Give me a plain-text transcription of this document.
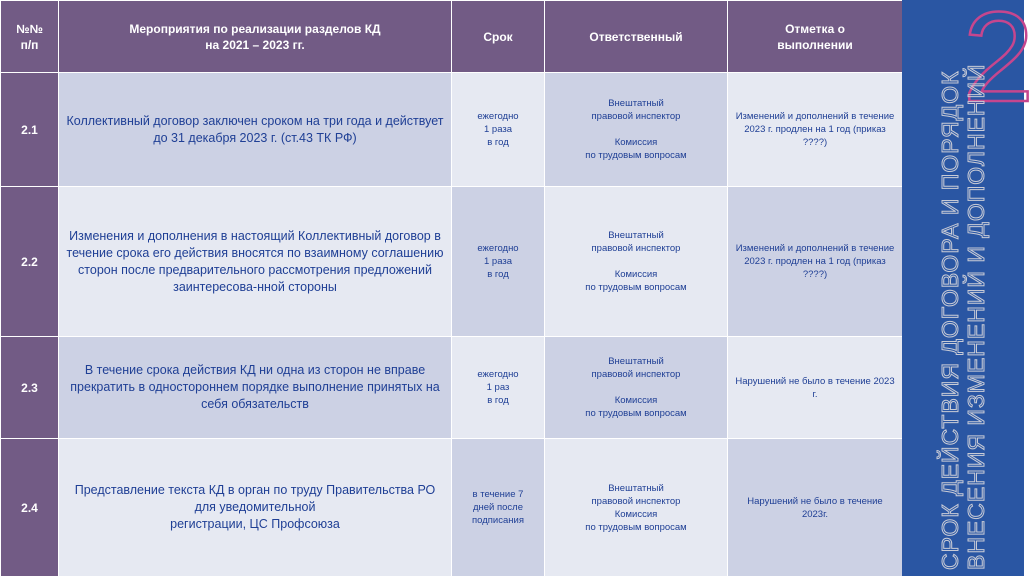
№№
п/п	Мероприятия по реализации разделов КД
на 2021 – 2023 гг.	Срок	Ответственный	Отметка о
выполнении
2.1	Коллективный договор заключен сроком на три года и действует до 31 декабря 2023 г. (ст.43 ТК РФ)	ежегодно
1 раза
в год	Внештатный
правовой инспектор

Комиссия
по трудовым вопросам	Изменений и дополнений в течение 2023 г. продлен на 1 год (приказ ????)

2.2	Изменения и дополнения в настоящий Коллективный договор в течение срока его действия вносятся по взаимному соглашению сторон после предварительного рассмотрения предложений заинтересова-нной стороны	ежегодно
1 раза
в год	Внештатный
правовой инспектор

Комиссия
по трудовым вопросам	Изменений и дополнений в течение 2023 г. продлен на 1 год (приказ ????)

2.3	В течение срока действия КД ни одна из сторон не вправе прекратить в одностороннем порядке выполнение принятых на себя обязательств	ежегодно
1 раз
в год	Внештатный
правовой инспектор

Комиссия
по трудовым вопросам	Нарушений не было в течение 2023 г.

2.4	Представление текста КД в орган по труду Правительства РО для уведомительной
регистрации, ЦС Профсоюза	в течение 7
дней после
подписания	Внештатный
правовой инспектор
Комиссия
по трудовым вопросам	Нарушений не было в течение 2023г.
2
СРОК ДЕЙСТВИЯ ДОГОВОРА И ПОРЯДОК ВНЕСЕНИЯ ИЗМЕНЕНИЙ И ДОПОЛНЕНИЙ
